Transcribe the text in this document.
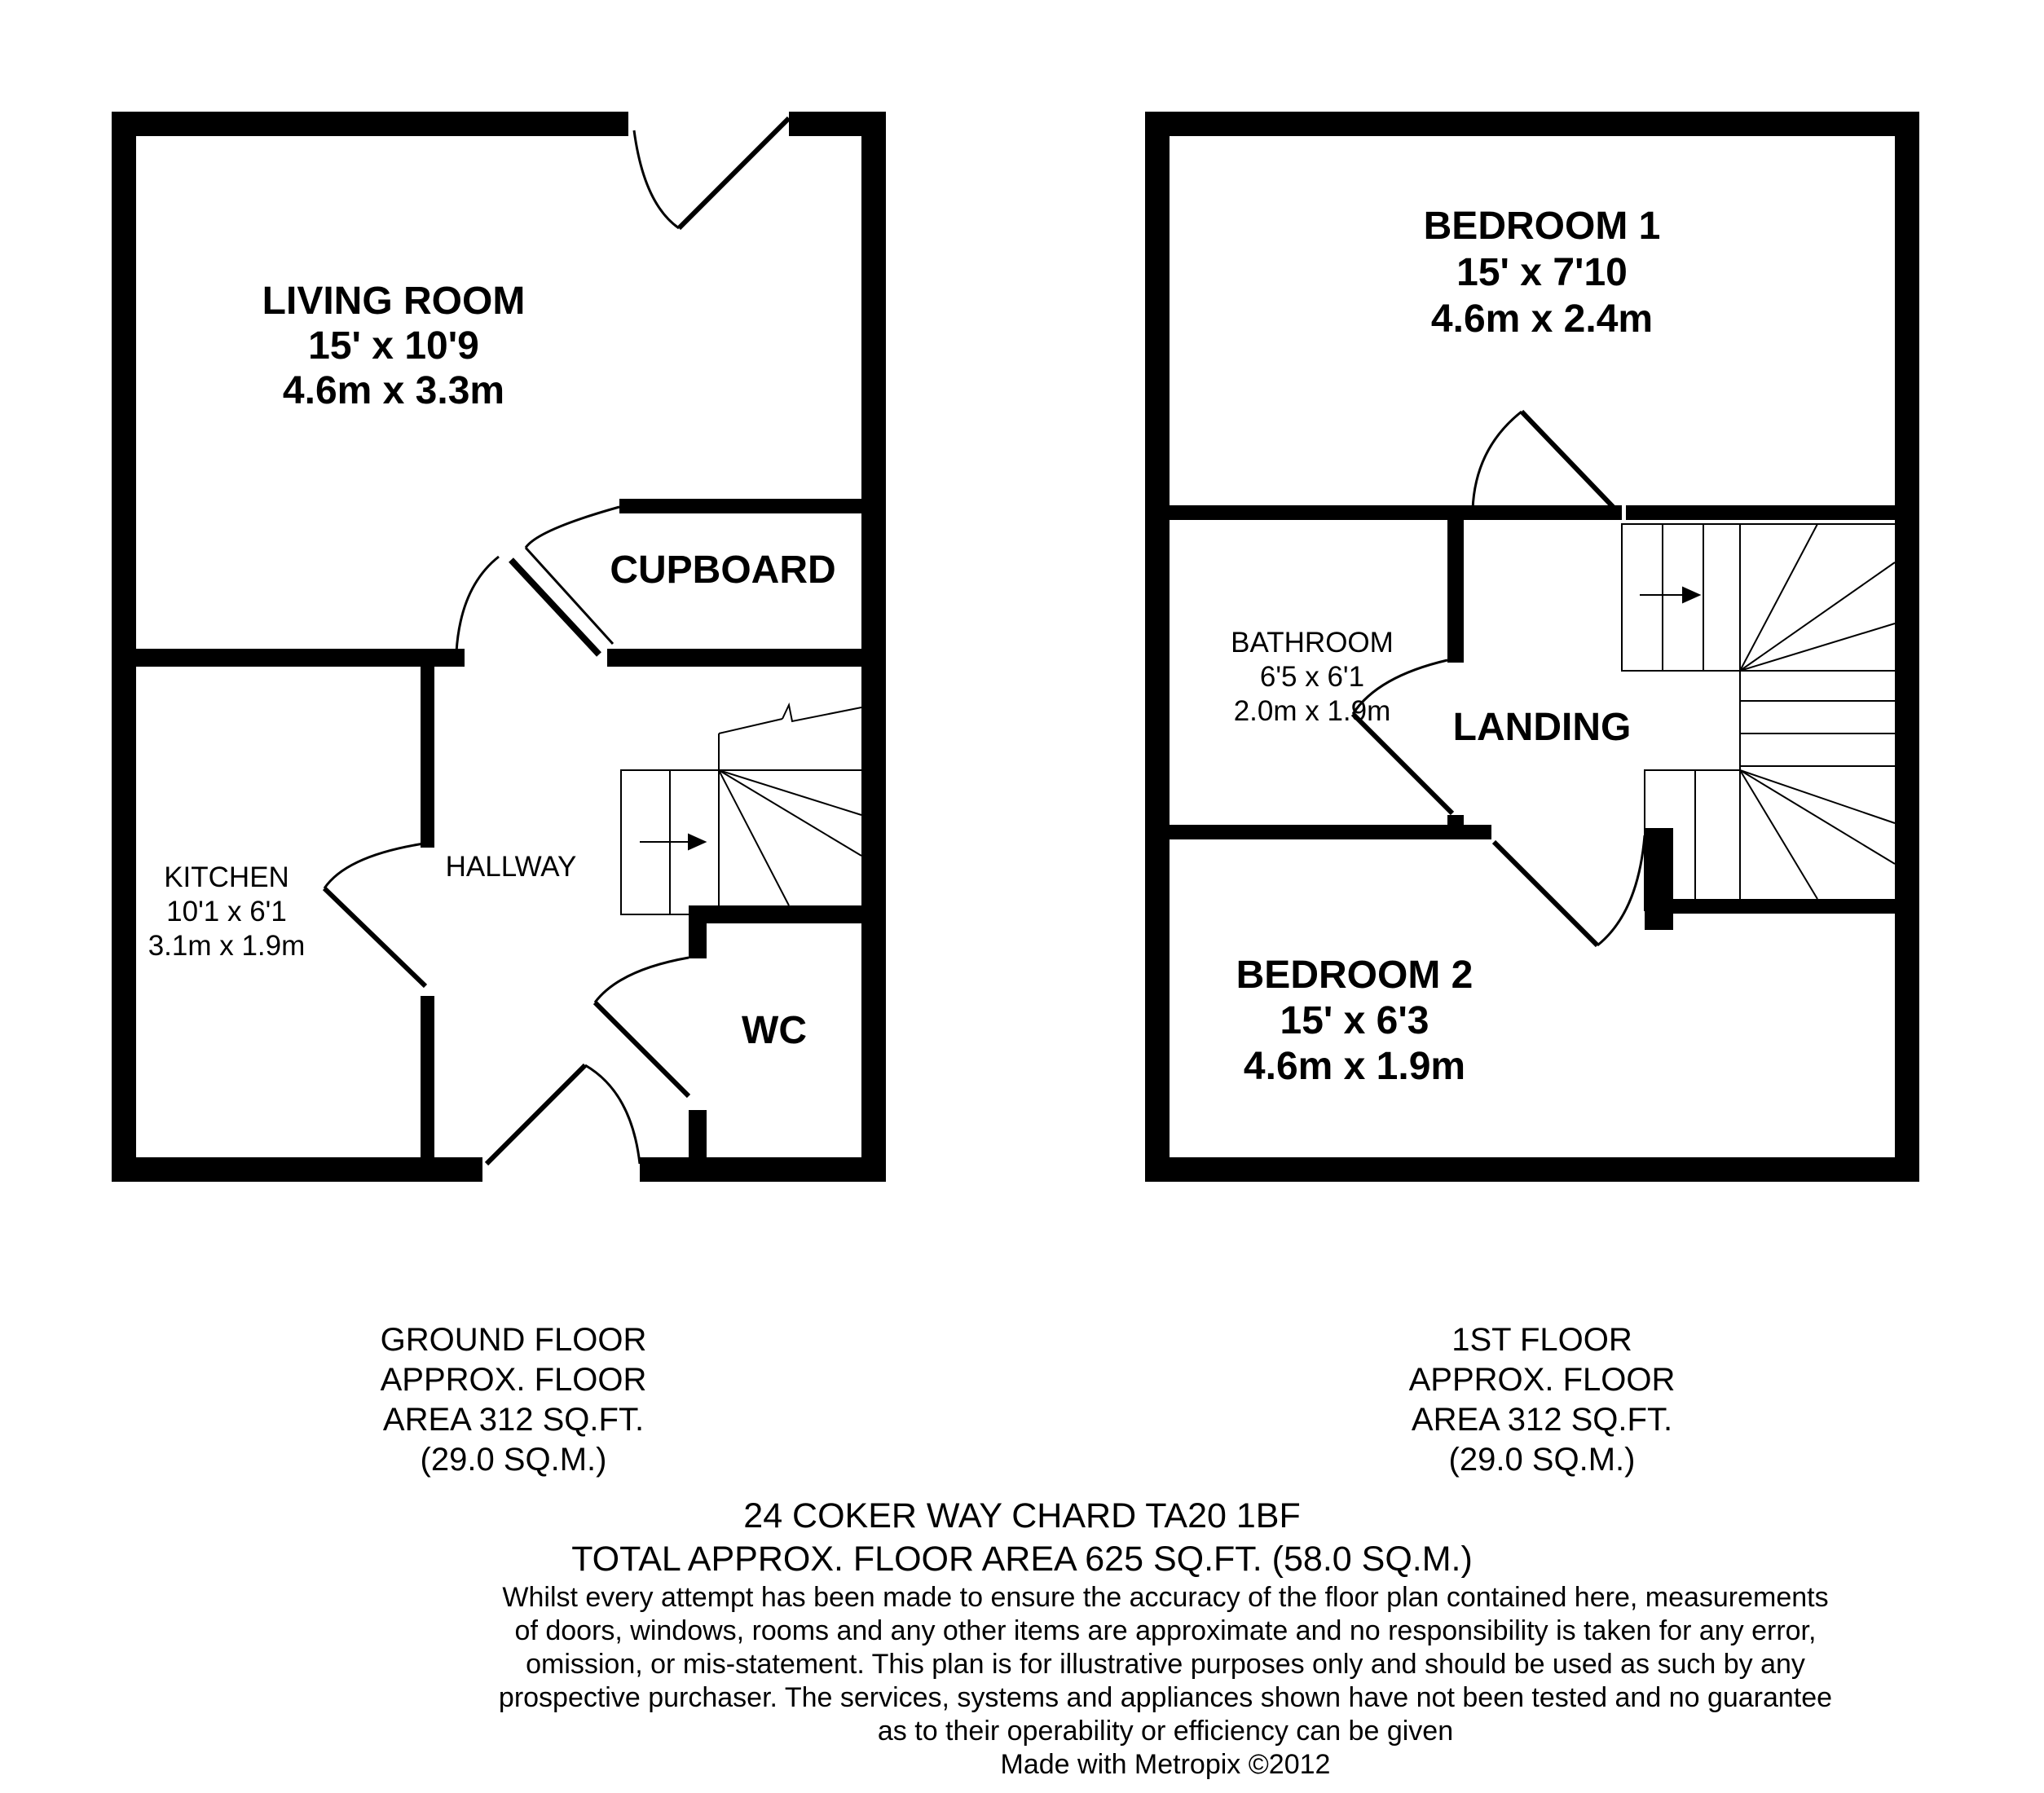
LIVING ROOM
15' x 10'9
4.6m x 3.3m
CUPBOARD
HALLWAY
KITCHEN
10'1 x 6'1
3.1m x 1.9m
WC
BEDROOM 1
15' x 7'10
4.6m x 2.4m
BATHROOM
6'5 x 6'1
2.0m x 1.9m LANDING
BEDROOM 2
15' x 6'3
4.6m x 1.9m
GROUND FLOOR
APPROX. FLOOR
AREA 312 SQ.FT.
(29.0 SQ.M.)
1ST FLOOR
APPROX. FLOOR
AREA 312 SQ.FT.
(29.0 SQ.M.)
24 COKER WAY CHARD TA20 1BF
TOTAL APPROX. FLOOR AREA 625 SQ.FT. (58.0 SQ.M.)
Whilst every attempt has been made to ensure the accuracy of the floor plan contained here, measurements
of doors, windows, rooms and any other items are approximate and no responsibility is taken for any error,
omission, or mis-statement. This plan is for illustrative purposes only and should be used as such by any
prospective purchaser. The services, systems and appliances shown have not been tested and no guarantee
as to their operability or efficiency can be given
Made with Metropix ©2012
